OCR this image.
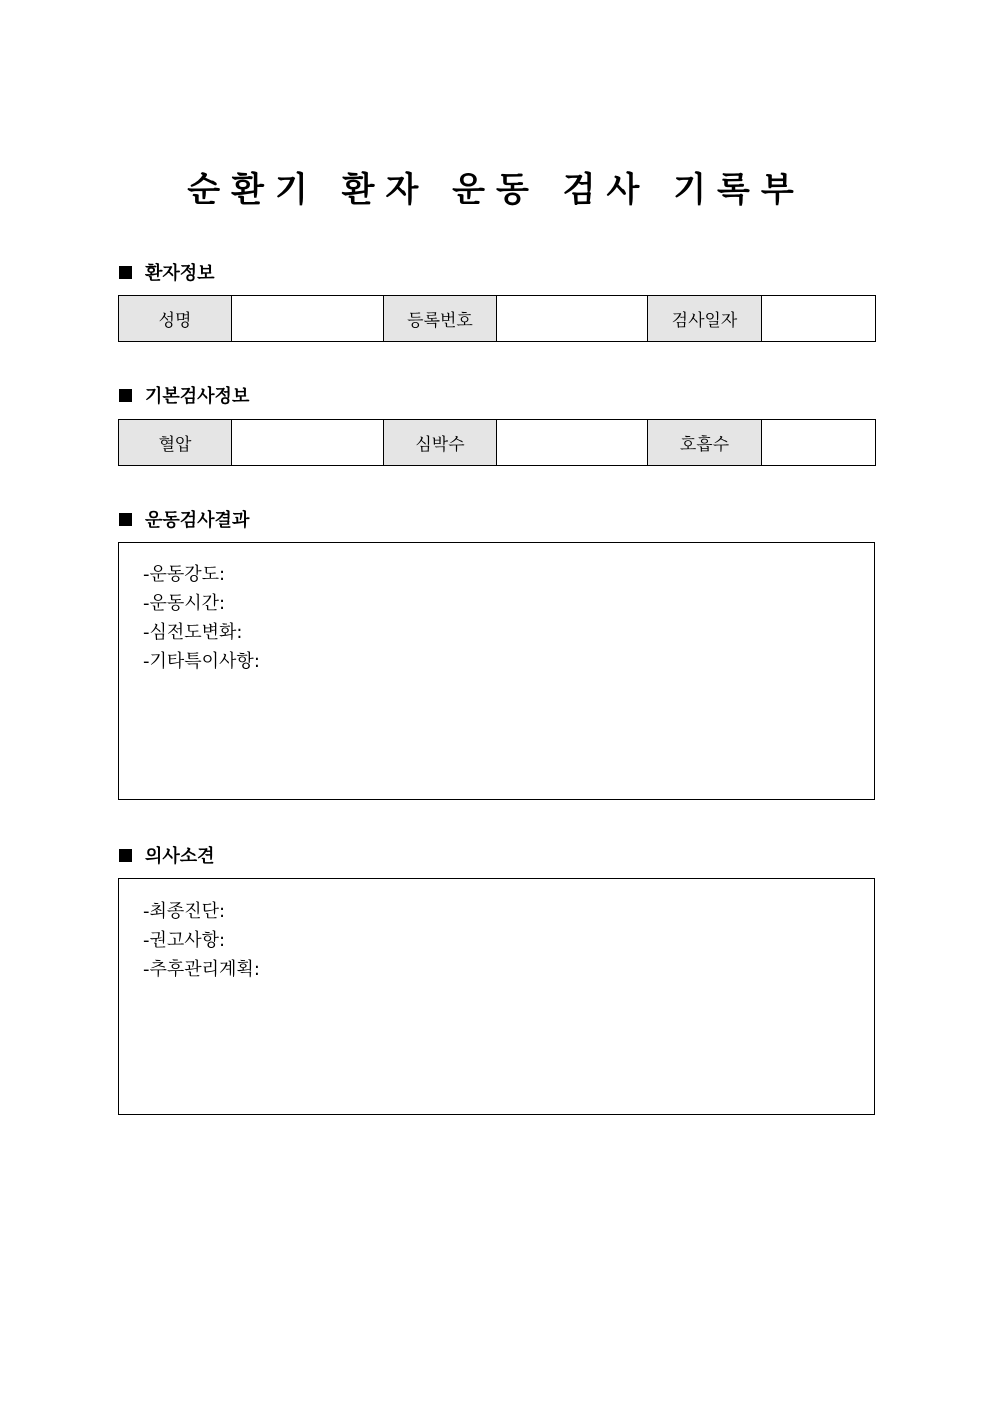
순환기 환자 운동 검사 기록부
환자정보
성명		등록번호		검사일자	
기본검사정보
혈압		심박수		호흡수	
운동검사결과
-운동강도:
-운동시간:
-심전도변화:
-기타특이사항:
의사소견
-최종진단:
-권고사항:
-추후관리계획:
